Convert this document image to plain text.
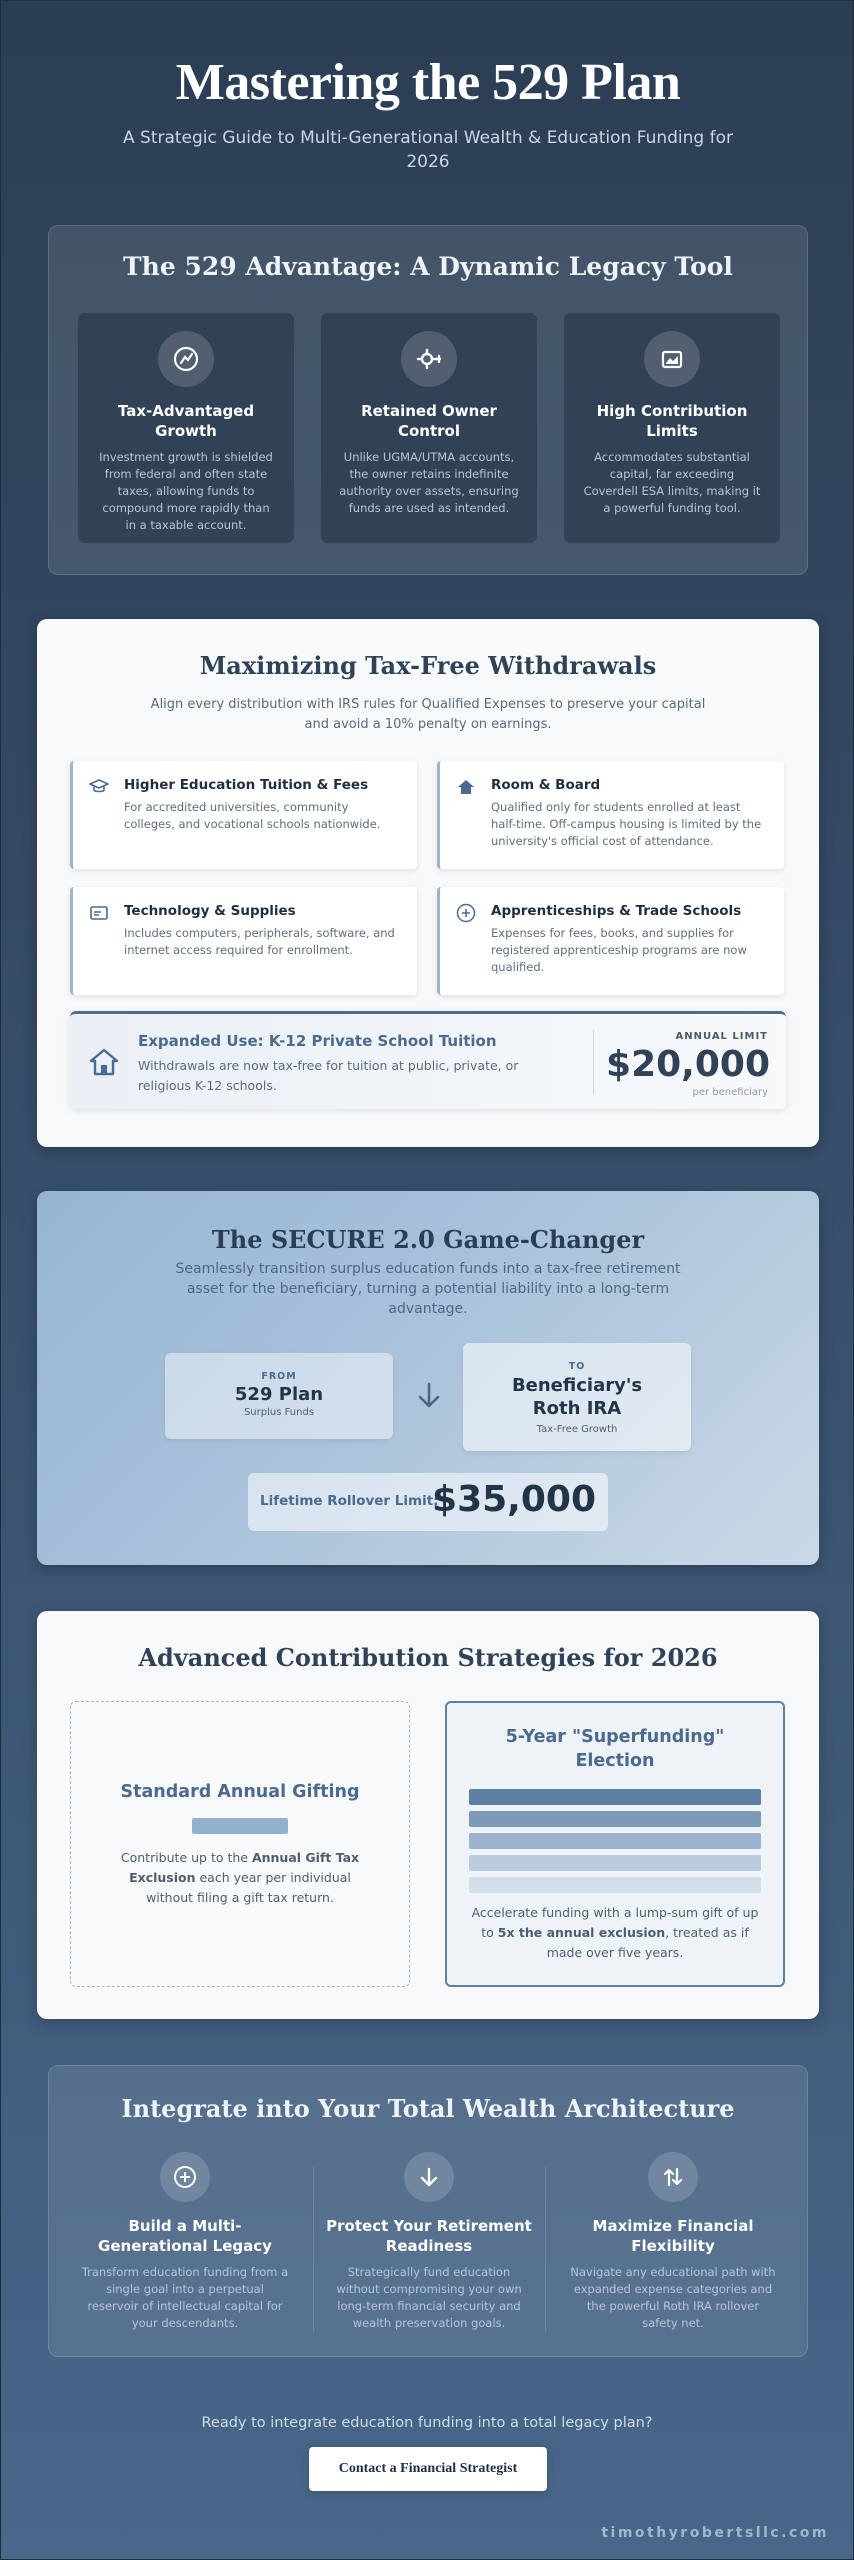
Mastering the 529 Plan

A Strategic Guide to Multi-Generational Wealth & Education Funding for 2026

The 529 Advantage: A Dynamic Legacy Tool
Tax-Advantaged Growth
Investment growth is shielded from federal and often state taxes, allowing funds to compound more rapidly than in a taxable account.
Retained Owner Control
Unlike UGMA/UTMA accounts, the owner retains indefinite authority over assets, ensuring funds are used as intended.
High Contribution Limits
Accommodates substantial capital, far exceeding Coverdell ESA limits, making it a powerful funding tool.
Maximizing Tax-Free Withdrawals

Align every distribution with IRS rules for Qualified Expenses to preserve your capital and avoid a 10% penalty on earnings.

Higher Education Tuition & Fees
For accredited universities, community colleges, and vocational schools nationwide.
Room & Board
Qualified only for students enrolled at least half-time. Off-campus housing is limited by the university's official cost of attendance.
Technology & Supplies
Includes computers, peripherals, software, and internet access required for enrollment.
Apprenticeships & Trade Schools
Expenses for fees, books, and supplies for registered apprenticeship programs are now qualified.
Expanded Use: K-12 Private School Tuition
Withdrawals are now tax-free for tuition at public, private, or religious K-12 schools.
ANNUAL LIMIT
$20,000
per beneficiary
The SECURE 2.0 Game-Changer

Seamlessly transition surplus education funds into a tax-free retirement asset for the beneficiary, turning a potential liability into a long-term advantage.

FROM
529 Plan
Surplus Funds
TO
Beneficiary's Roth IRA
Tax-Free Growth
Lifetime Rollover Limit:
$35,000
Advanced Contribution Strategies for 2026
Standard Annual Gifting
Contribute up to the Annual Gift Tax Exclusion each year per individual without filing a gift tax return.
5-Year "Superfunding" Election
Accelerate funding with a lump-sum gift of up to 5x the annual exclusion, treated as if made over five years.
Integrate into Your Total Wealth Architecture
Build a Multi-Generational Legacy
Transform education funding from a single goal into a perpetual reservoir of intellectual capital for your descendants.
Protect Your Retirement Readiness
Strategically fund education without compromising your own long-term financial security and wealth preservation goals.
Maximize Financial Flexibility
Navigate any educational path with expanded expense categories and the powerful Roth IRA rollover safety net.

Ready to integrate education funding into a total legacy plan?

Contact a Financial Strategist
timothyrobertsllc.com
